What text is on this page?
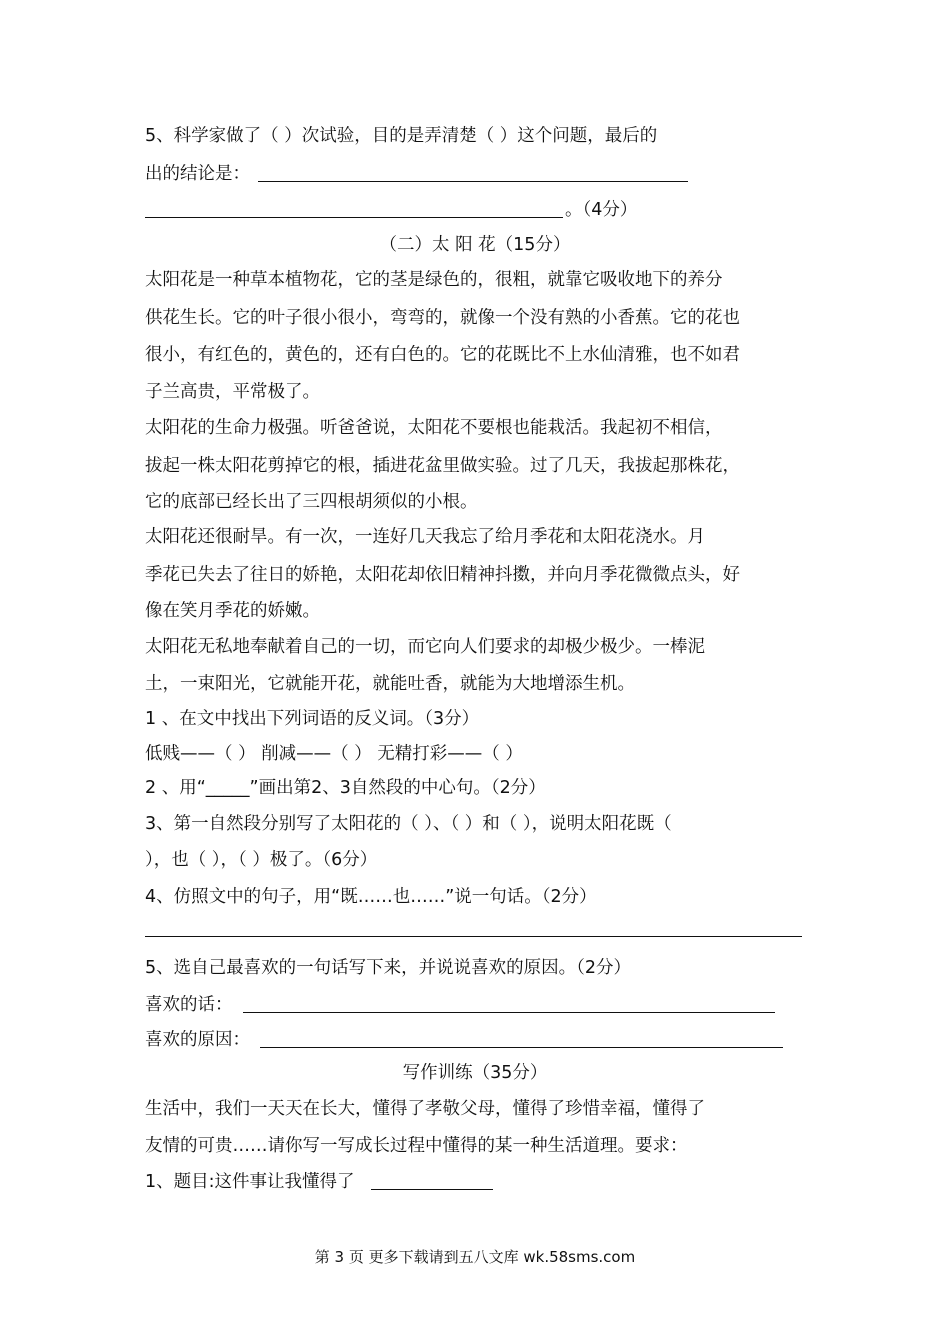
5、科学家做了（ ）次试验，目的是弄清楚（ ）这个问题，最后的
出的结论是：
。（4分）
（二）太 阳 花（15分）
太阳花是一种草本植物花，它的茎是绿色的，很粗，就靠它吸收地下的养分
供花生长。它的叶子很小很小，弯弯的，就像一个没有熟的小香蕉。它的花也
很小，有红色的，黄色的，还有白色的。它的花既比不上水仙清雅，也不如君
子兰高贵，平常极了。
太阳花的生命力极强。听爸爸说，太阳花不要根也能栽活。我起初不相信，
拔起一株太阳花剪掉它的根，插进花盆里做实验。过了几天，我拔起那株花，
它的底部已经长出了三四根胡须似的小根。
太阳花还很耐旱。有一次，一连好几天我忘了给月季花和太阳花浇水。月
季花已失去了往日的娇艳，太阳花却依旧精神抖擞，并向月季花微微点头，好
像在笑月季花的娇嫩。
太阳花无私地奉献着自己的一切，而它向人们要求的却极少极少。一棒泥
土，一束阳光，它就能开花，就能吐香，就能为大地增添生机。
1 、在文中找出下列词语的反义词。（3分）
低贱——（ ） 削减——（ ） 无精打彩——（ ）
2 、用“_____”画出第2、3自然段的中心句。（2分）
3、第一自然段分别写了太阳花的（ ）、（ ）和（ ），说明太阳花既（
），也（ ），（ ）极了。（6分）
4、仿照文中的句子，用“既……也……”说一句话。（2分）
5、选自己最喜欢的一句话写下来，并说说喜欢的原因。（2分）
喜欢的话：
喜欢的原因：
写作训练（35分）
生活中，我们一天天在长大，懂得了孝敬父母，懂得了珍惜幸福，懂得了
友情的可贵……请你写一写成长过程中懂得的某一种生活道理。要求：
1、题目:这件事让我懂得了
第 3 页 更多下载请到五八文库 wk.58sms.com
